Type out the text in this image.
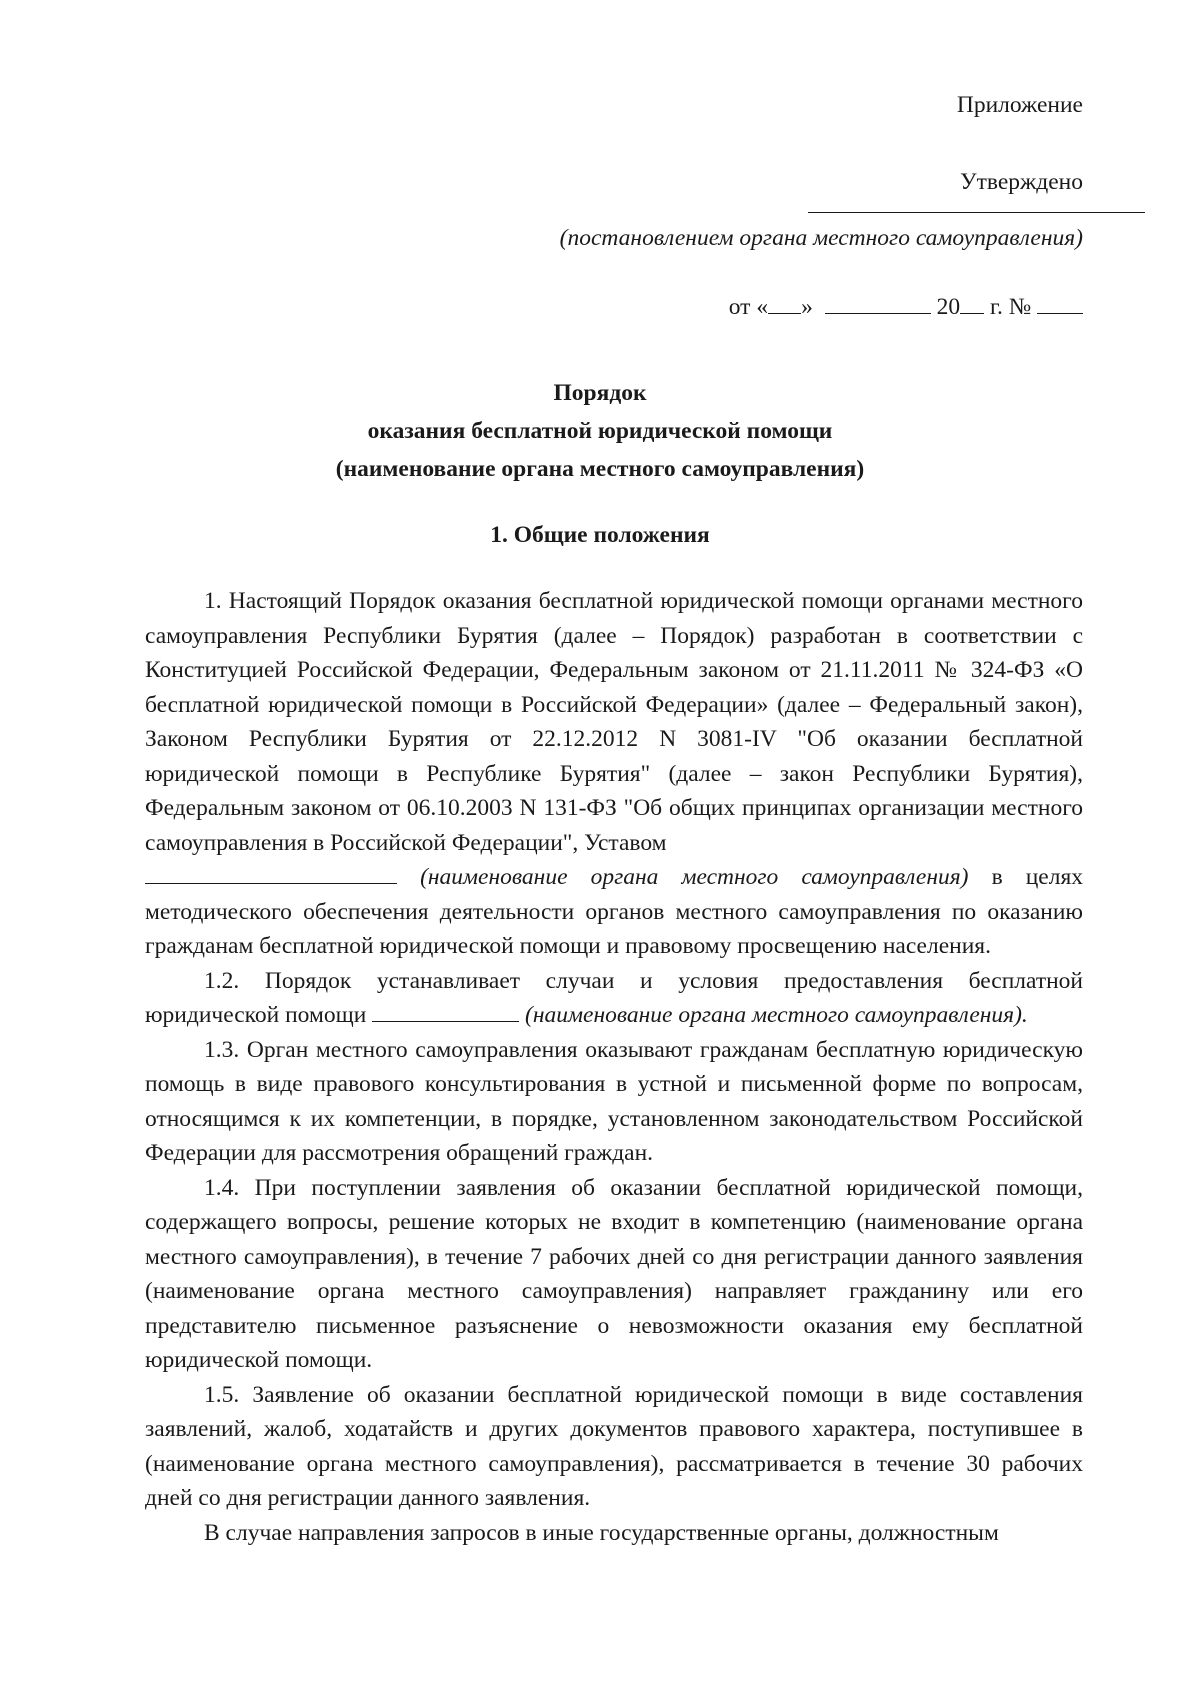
Приложение
Утверждено
(постановлением органа местного самоуправления)
от « »	20 г. №
Порядок
оказания бесплатной юридической помощи
(наименование органа местного самоуправления)
1. Общие положения

1. Настоящий Порядок оказания бесплатной юридической помощи органами местного самоуправления Республики Бурятия (далее – Порядок) разработан в соответствии с Конституцией Российской Федерации, Федеральным законом от 21.11.2011 № 324-ФЗ «О бесплатной юридической помощи в Российской Федерации» (далее – Федеральный закон), Законом Республики Бурятия от 22.12.2012 N 3081-IV "Об оказании бесплатной юридической помощи в Республике Бурятия" (далее – закон Республики Бурятия), Федеральным законом от 06.10.2003 N 131-ФЗ "Об общих принципах организации местного самоуправления в Российской Федерации", Уставом
(наименование органа местного самоуправления) в целях методического обеспечения деятельности органов местного самоуправления по оказанию гражданам бесплатной юридической помощи и правовому просвещению населения.

1.2. Порядок устанавливает случаи и условия предоставления бесплатной юридической помощи	(наименование органа местного самоуправления).

1.3. Орган местного самоуправления оказывают гражданам бесплатную юридическую помощь в виде правового консультирования в устной и письменной форме по вопросам, относящимся к их компетенции, в порядке, установленном законодательством Российской Федерации для рассмотрения обращений граждан.

1.4. При поступлении заявления об оказании бесплатной юридической помощи, содержащего вопросы, решение которых не входит в компетенцию (наименование органа местного самоуправления), в течение 7 рабочих дней со дня регистрации данного заявления (наименование органа местного самоуправления) направляет гражданину или его представителю письменное разъяснение о невозможности оказания ему бесплатной юридической помощи.

1.5. Заявление об оказании бесплатной юридической помощи в виде составления заявлений, жалоб, ходатайств и других документов правового характера, поступившее в (наименование органа местного самоуправления), рассматривается в течение 30 рабочих дней со дня регистрации данного заявления.

В случае направления запросов в иные государственные органы, должностным
